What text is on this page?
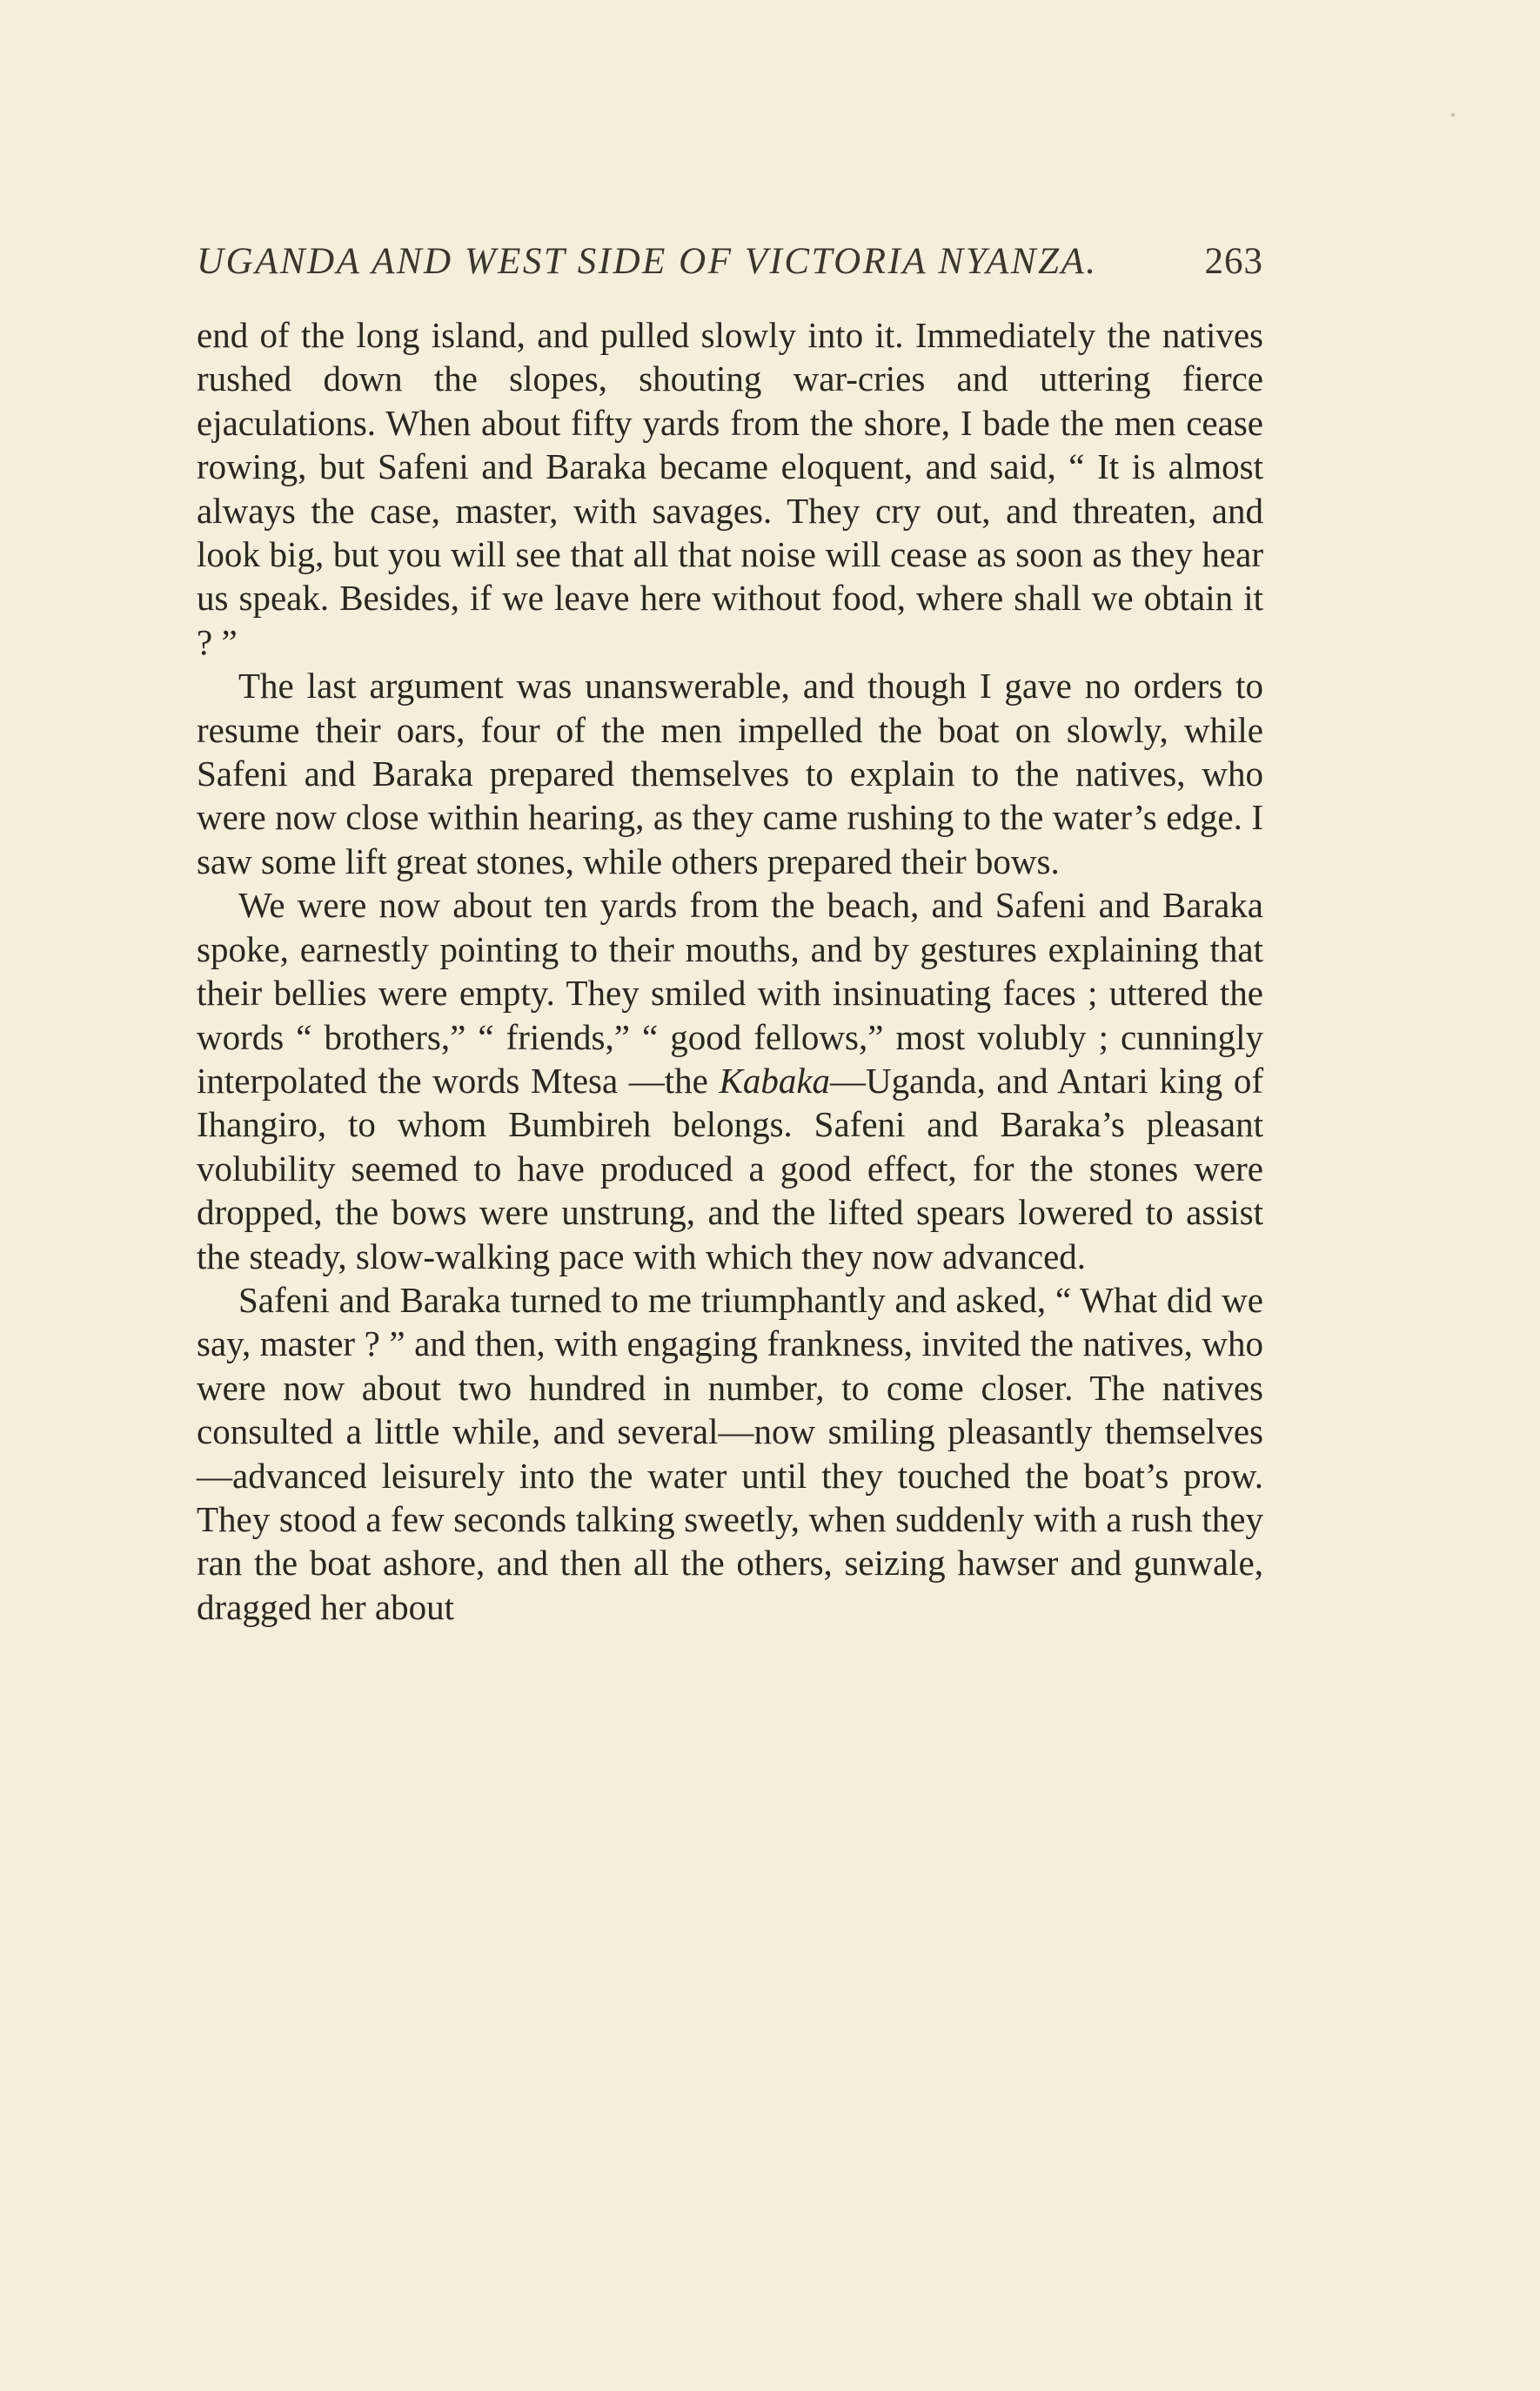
UGANDA AND WEST SIDE OF VICTORIA NYANZA.	263

end of the long island, and pulled slowly into it. Immediately the natives rushed down the slopes, shouting war-cries and uttering fierce ejaculations. When about fifty yards from the shore, I bade the men cease rowing, but Safeni and Baraka became eloquent, and said, “ It is almost always the case, master, with savages. They cry out, and threaten, and look big, but you will see that all that noise will cease as soon as they hear us speak. Besides, if we leave here without food, where shall we obtain it ? ”

The last argument was unanswerable, and though I gave no orders to resume their oars, four of the men impelled the boat on slowly, while Safeni and Baraka prepared themselves to explain to the natives, who were now close within hearing, as they came rushing to the water’s edge. I saw some lift great stones, while others prepared their bows.

We were now about ten yards from the beach, and Safeni and Baraka spoke, earnestly pointing to their mouths, and by gestures explaining that their bellies were empty. They smiled with insinuating faces ; uttered the words “ brothers,” “ friends,” “ good fellows,” most volubly ; cunningly interpolated the words Mtesa —the Kabaka—Uganda, and Antari king of Ihangiro, to whom Bumbireh belongs. Safeni and Baraka’s pleasant volubility seemed to have produced a good effect, for the stones were dropped, the bows were unstrung, and the lifted spears lowered to assist the steady, slow-walking pace with which they now advanced.

Safeni and Baraka turned to me triumphantly and asked, “ What did we say, master ? ” and then, with engaging frankness, invited the natives, who were now about two hundred in number, to come closer. The natives consulted a little while, and several—now smiling pleasantly themselves—advanced leisurely into the water until they touched the boat’s prow. They stood a few seconds talking sweetly, when suddenly with a rush they ran the boat ashore, and then all the others, seizing hawser and gunwale, dragged her about
